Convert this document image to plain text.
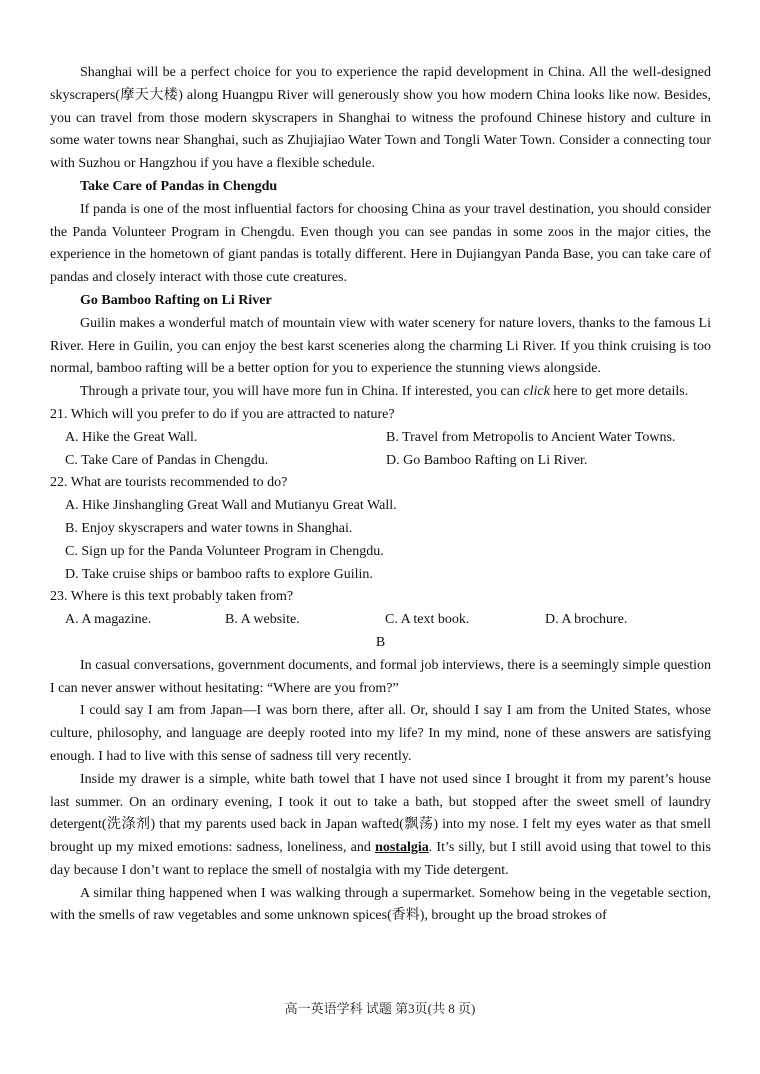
Shanghai will be a perfect choice for you to experience the rapid development in China. All the well-designed skyscrapers(摩天大楼) along Huangpu River will generously show you how modern China looks like now. Besides, you can travel from those modern skyscrapers in Shanghai to witness the profound Chinese history and culture in some water towns near Shanghai, such as Zhujiajiao Water Town and Tongli Water Town. Consider a connecting tour with Suzhou or Hangzhou if you have a flexible schedule.

Take Care of Pandas in Chengdu

If panda is one of the most influential factors for choosing China as your travel destination, you should consider the Panda Volunteer Program in Chengdu. Even though you can see pandas in some zoos in the major cities, the experience in the hometown of giant pandas is totally different. Here in Dujiangyan Panda Base, you can take care of pandas and closely interact with those cute creatures.

Go Bamboo Rafting on Li River

Guilin makes a wonderful match of mountain view with water scenery for nature lovers, thanks to the famous Li River. Here in Guilin, you can enjoy the best karst sceneries along the charming Li River. If you think cruising is too normal, bamboo rafting will be a better option for you to experience the stunning views alongside.

Through a private tour, you will have more fun in China. If interested, you can click here to get more details.

21. Which will you prefer to do if you are attracted to nature?
A. Hike the Great Wall.	B. Travel from Metropolis to Ancient Water Towns.
C. Take Care of Pandas in Chengdu.	D. Go Bamboo Rafting on Li River.
22. What are tourists recommended to do?
A. Hike Jinshangling Great Wall and Mutianyu Great Wall.
B. Enjoy skyscrapers and water towns in Shanghai.
C. Sign up for the Panda Volunteer Program in Chengdu.
D. Take cruise ships or bamboo rafts to explore Guilin.
23. Where is this text probably taken from?
A. A magazine.	B. A website.	C. A text book.	D. A brochure.
B

In casual conversations, government documents, and formal job interviews, there is a seemingly simple question I can never answer without hesitating: “Where are you from?”

I could say I am from Japan—I was born there, after all. Or, should I say I am from the United States, whose culture, philosophy, and language are deeply rooted into my life? In my mind, none of these answers are satisfying enough. I had to live with this sense of sadness till very recently.

Inside my drawer is a simple, white bath towel that I have not used since I brought it from my parent’s house last summer. On an ordinary evening, I took it out to take a bath, but stopped after the sweet smell of laundry detergent(洗涤剂) that my parents used back in Japan wafted(飘荡) into my nose. I felt my eyes water as that smell brought up my mixed emotions: sadness, loneliness, and nostalgia. It’s silly, but I still avoid using that towel to this day because I don’t want to replace the smell of nostalgia with my Tide detergent.

A similar thing happened when I was walking through a supermarket. Somehow being in the vegetable section, with the smells of raw vegetables and some unknown spices(香料), brought up the broad strokes of

高一英语学科 试题 第3页(共 8 页)
